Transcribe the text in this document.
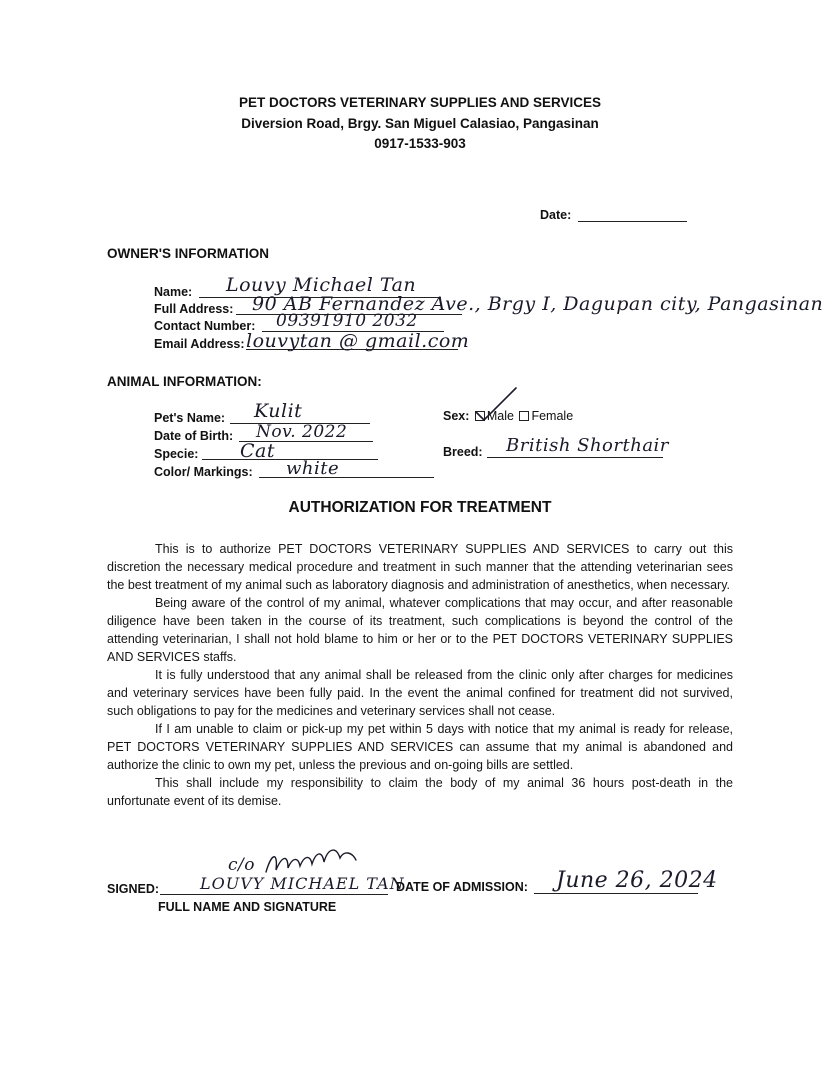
PET DOCTORS VETERINARY SUPPLIES AND SERVICES
Diversion Road, Brgy. San Miguel Calasiao, Pangasinan
0917-1533-903
Date:
OWNER'S INFORMATION
Name: Louvy Michael Tan
Full Address: 90 AB Fernandez Ave., Brgy I, Dagupan city, Pangasinan
Contact Number: 09391910 2032
Email Address: louvytan @ gmail.com
ANIMAL INFORMATION:
Pet's Name: Kulit
Date of Birth: Nov. 2022
Specie: Cat
Color/ Markings: white
Sex: Male Female
Breed: British Shorthair
AUTHORIZATION FOR TREATMENT

This is to authorize PET DOCTORS VETERINARY SUPPLIES AND SERVICES to carry out this discretion the necessary medical procedure and treatment in such manner that the attending veterinarian sees the best treatment of my animal such as laboratory diagnosis and administration of anesthetics, when necessary.

Being aware of the control of my animal, whatever complications that may occur, and after reasonable diligence have been taken in the course of its treatment, such complications is beyond the control of the attending veterinarian, I shall not hold blame to him or her or to the PET DOCTORS VETERINARY SUPPLIES AND SERVICES staffs.

It is fully understood that any animal shall be released from the clinic only after charges for medicines and veterinary services have been fully paid. In the event the animal confined for treatment did not survived, such obligations to pay for the medicines and veterinary services shall not cease.

If I am unable to claim or pick-up my pet within 5 days with notice that my animal is ready for release, PET DOCTORS VETERINARY SUPPLIES AND SERVICES can assume that my animal is abandoned and authorize the clinic to own my pet, unless the previous and on-going bills are settled.

This shall include my responsibility to claim the body of my animal 36 hours post-death in the unfortunate event of its demise.

SIGNED:
c/o
LOUVY MICHAEL TAN
FULL NAME AND SIGNATURE
DATE OF ADMISSION: June 26, 2024
